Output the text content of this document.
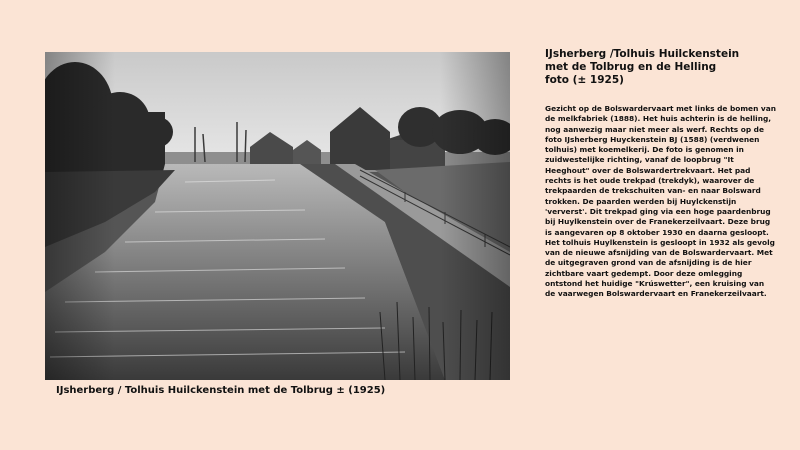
IJsherberg / Tolhuis Huilckenstein met de Tolbrug ± (1925)
IJsherberg /Tolhuis Huilckenstein
met de Tolbrug en de Helling
foto (± 1925)
Gezicht op de Bolswardervaart met links de bomen van de melkfabriek (1888). Het huis achterin is de helling, nog aanwezig maar niet meer als werf. Rechts op de foto IJsherberg Huyckenstein BJ (1588) (verdwenen tolhuis) met koemelkerij. De foto is genomen in zuidwestelijke richting, vanaf de loopbrug "It Heeghout" over de Bolswardertrekvaart. Het pad rechts is het oude trekpad (trekdyk), waarover de trekpaarden de trekschuiten van- en naar Bolsward trokken. De paarden werden bij Huylckenstijn 'ververst'. Dit trekpad ging via een hoge paardenbrug bij Huylkenstein over de Franekerzeilvaart. Deze brug is aangevaren op 8 oktober 1930 en daarna gesloopt. Het tolhuis Huylkenstein is gesloopt in 1932 als gevolg van de nieuwe afsnijding van de Bolswardervaart. Met de uitgegraven grond van de afsnijding is de hier zichtbare vaart gedempt. Door deze omlegging ontstond het huidige "Krúswetter", een kruising van de vaarwegen Bolswardervaart en Franekerzeilvaart.
